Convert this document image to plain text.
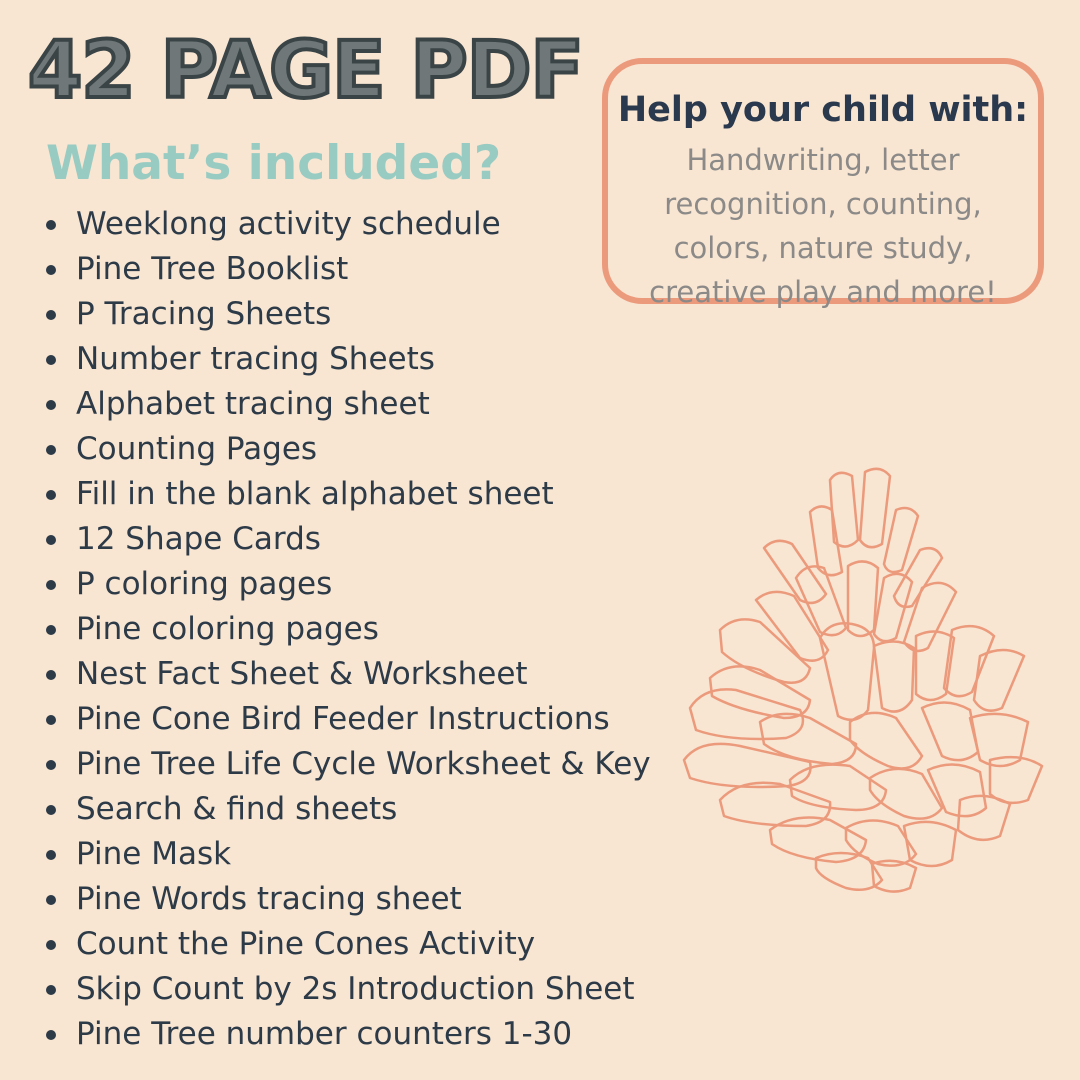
42 PAGE PDF
What’s included?
Weeklong activity schedule
Pine Tree Booklist
P Tracing Sheets
Number tracing Sheets
Alphabet tracing sheet
Counting Pages
Fill in the blank alphabet sheet
12 Shape Cards
P coloring pages
Pine coloring pages
Nest Fact Sheet & Worksheet
Pine Cone Bird Feeder Instructions
Pine Tree Life Cycle Worksheet & Key
Search & find sheets
Pine Mask
Pine Words tracing sheet
Count the Pine Cones Activity
Skip Count by 2s Introduction Sheet
Pine Tree number counters 1-30
Help your child with:
Handwriting, letter recognition, counting, colors, nature study, creative play and more!
